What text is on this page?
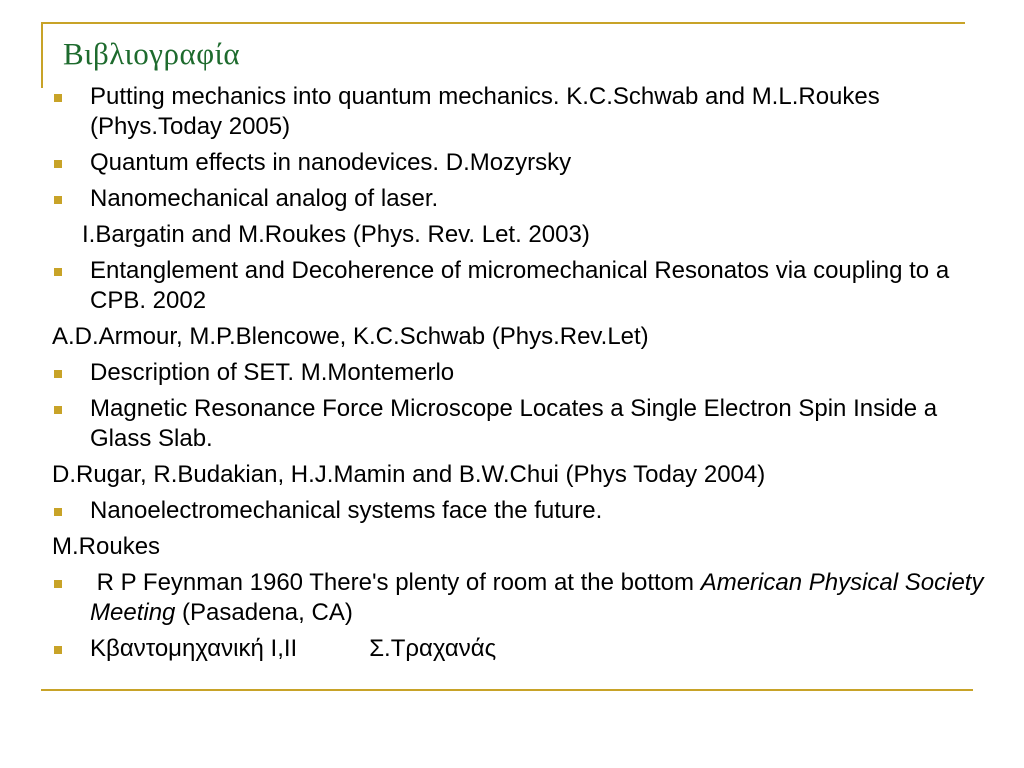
Βιβλιογραφία
Putting mechanics into quantum mechanics. K.C.Schwab and M.L.Roukes (Phys.Today 2005)
Quantum effects in nanodevices. D.Mozyrsky
Nanomechanical analog of laser.
I.Bargatin and M.Roukes (Phys. Rev. Let. 2003)
Entanglement and Decoherence of micromechanical Resonatos via coupling to a CPB. 2002
A.D.Armour, M.P.Blencowe, K.C.Schwab (Phys.Rev.Let)
Description of SET. M.Montemerlo
Magnetic Resonance Force Microscope Locates a Single Electron Spin Inside a Glass Slab.
D.Rugar, R.Budakian, H.J.Mamin and B.W.Chui (Phys Today 2004)
Nanoelectromechanical systems face the future.
M.Roukes
R P Feynman 1960 There's plenty of room at the bottom American Physical Society Meeting (Pasadena, CA)
Κβαντομηχανική Ι,ΙΙ	Σ.Τραχανάς
